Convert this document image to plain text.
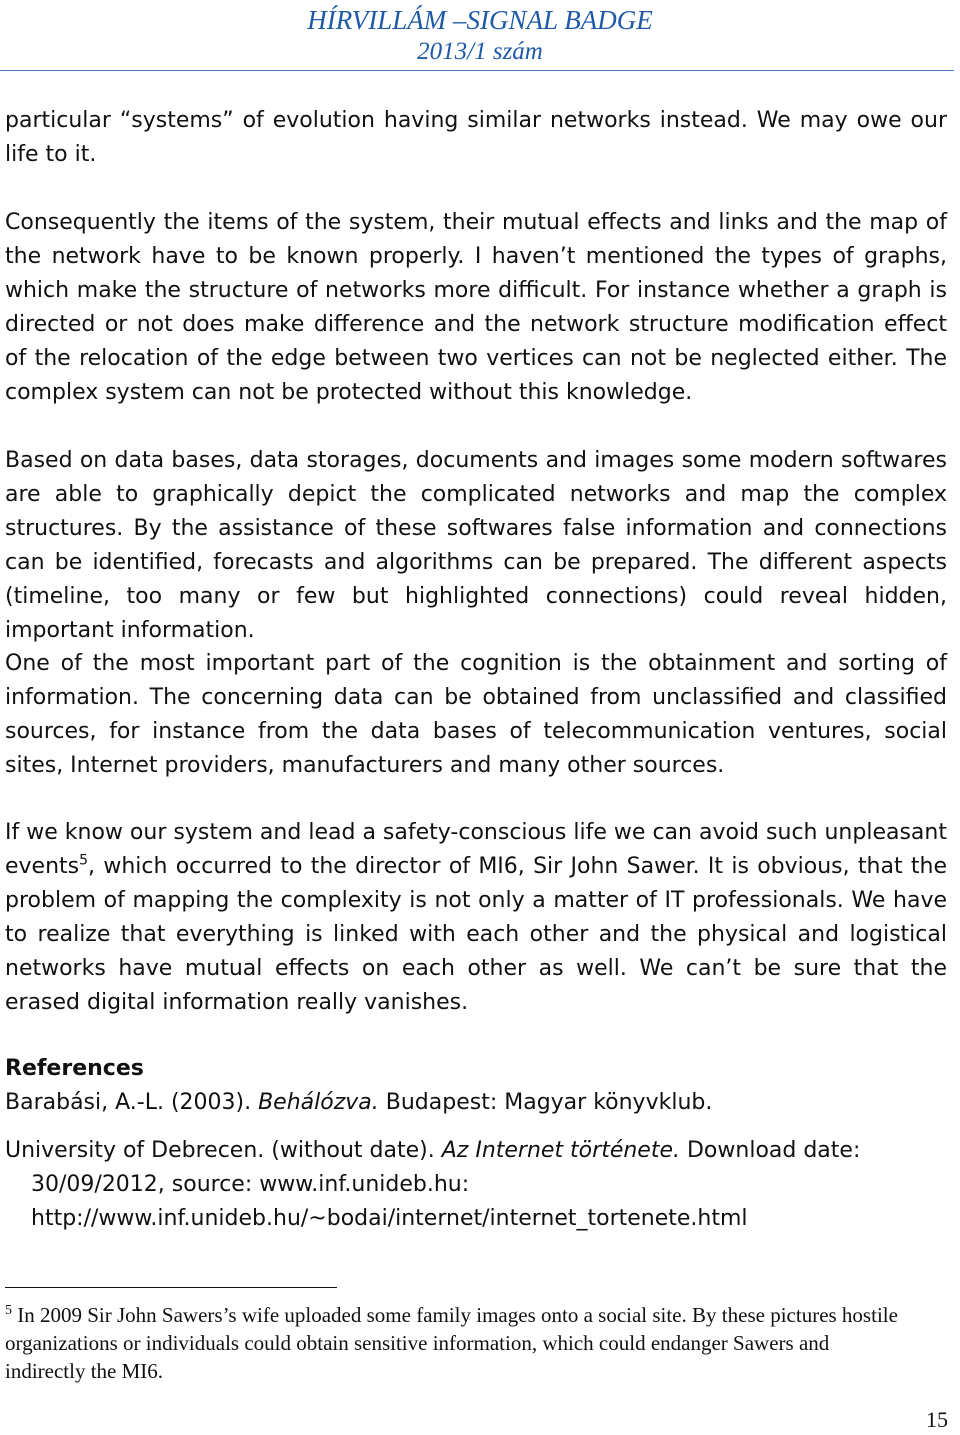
HÍRVILLÁM –SIGNAL BADGE
2013/1 szám

particular “systems” of evolution having similar networks instead. We may owe our life to it.

Consequently the items of the system, their mutual effects and links and the map of the network have to be known properly. I haven’t mentioned the types of graphs, which make the structure of networks more difficult. For instance whether a graph is directed or not does make difference and the network structure modification effect of the relocation of the edge between two vertices can not be neglected either. The complex system can not be protected without this knowledge.

Based on data bases, data storages, documents and images some modern softwares are able to graphically depict the complicated networks and map the complex structures. By the assistance of these softwares false information and connections can be identified, forecasts and algorithms can be prepared. The different aspects (timeline, too many or few but highlighted connections) could reveal hidden, important information.

One of the most important part of the cognition is the obtainment and sorting of information. The concerning data can be obtained from unclassified and classified sources, for instance from the data bases of telecommunication ventures, social sites, Internet providers, manufacturers and many other sources.

If we know our system and lead a safety-conscious life we can avoid such unpleasant events$^5$, which occurred to the director of MI6, Sir John Sawer. It is obvious, that the problem of mapping the complexity is not only a matter of IT professionals. We have to realize that everything is linked with each other and the physical and logistical networks have mutual effects on each other as well. We can’t be sure that the erased digital information really vanishes.

References
Barabási, A.-L. (2003). Behálózva. Budapest: Magyar könyvklub.
University of Debrecen. (without date). Az Internet története. Download date: 30/09/2012, source: www.inf.unideb.hu: http://www.inf.unideb.hu/~bodai/internet/internet_tortenete.html

$^5$ In 2009 Sir John Sawers’s wife uploaded some family images onto a social site. By these pictures hostile organizations or individuals could obtain sensitive information, which could endanger Sawers and indirectly the MI6.

15
